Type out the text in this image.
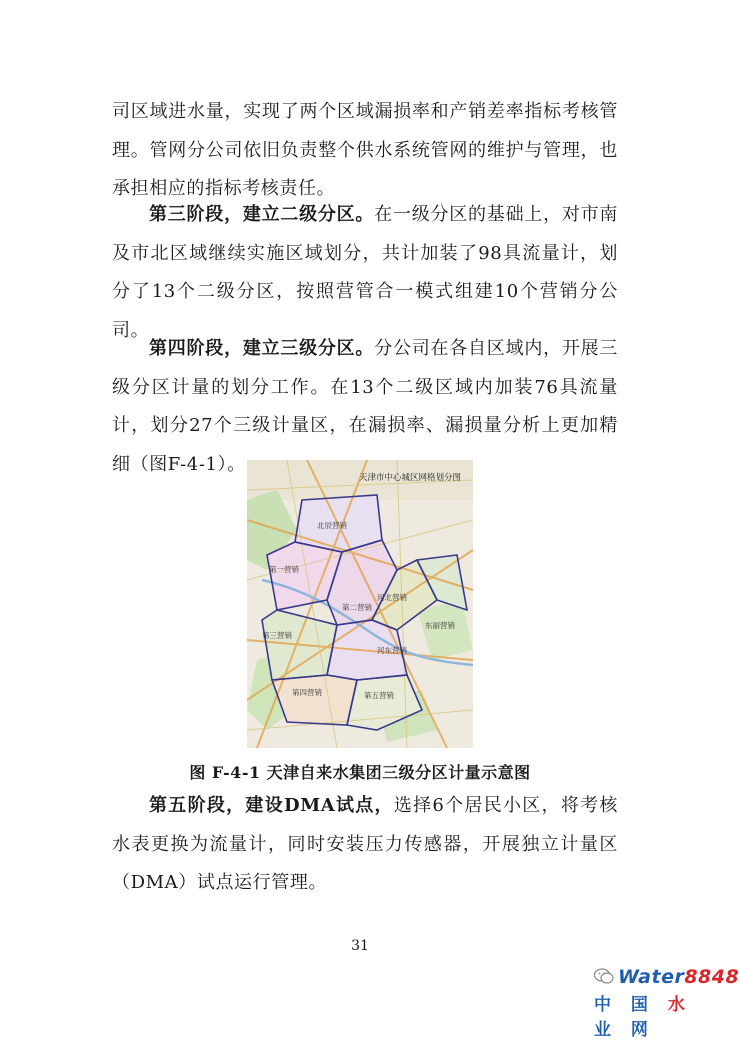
司区域进水量，实现了两个区域漏损率和产销差率指标考核管理。管网分公司依旧负责整个供水系统管网的维护与管理，也承担相应的指标考核责任。

第三阶段，建立二级分区。在一级分区的基础上，对市南及市北区域继续实施区域划分，共计加装了98具流量计，划分了13个二级分区，按照营管合一模式组建10个营销分公司。

第四阶段，建立三级分区。分公司在各自区域内，开展三级分区计量的划分工作。在13个二级区域内加装76具流量计，划分27个三级计量区，在漏损率、漏损量分析上更加精细（图F-4-1）。

天津市中心城区网格划分图
北辰营销
第一营销
第二营销
河北营销
东丽营销
第三营销
河东营销
第四营销	第五营销
图 F-4-1 天津自来水集团三级分区计量示意图

第五阶段，建设DMA试点，选择6个居民小区，将考核水表更换为流量计，同时安装压力传感器，开展独立计量区（DMA）试点运行管理。

31
Water8848
中 国 水 业 网
